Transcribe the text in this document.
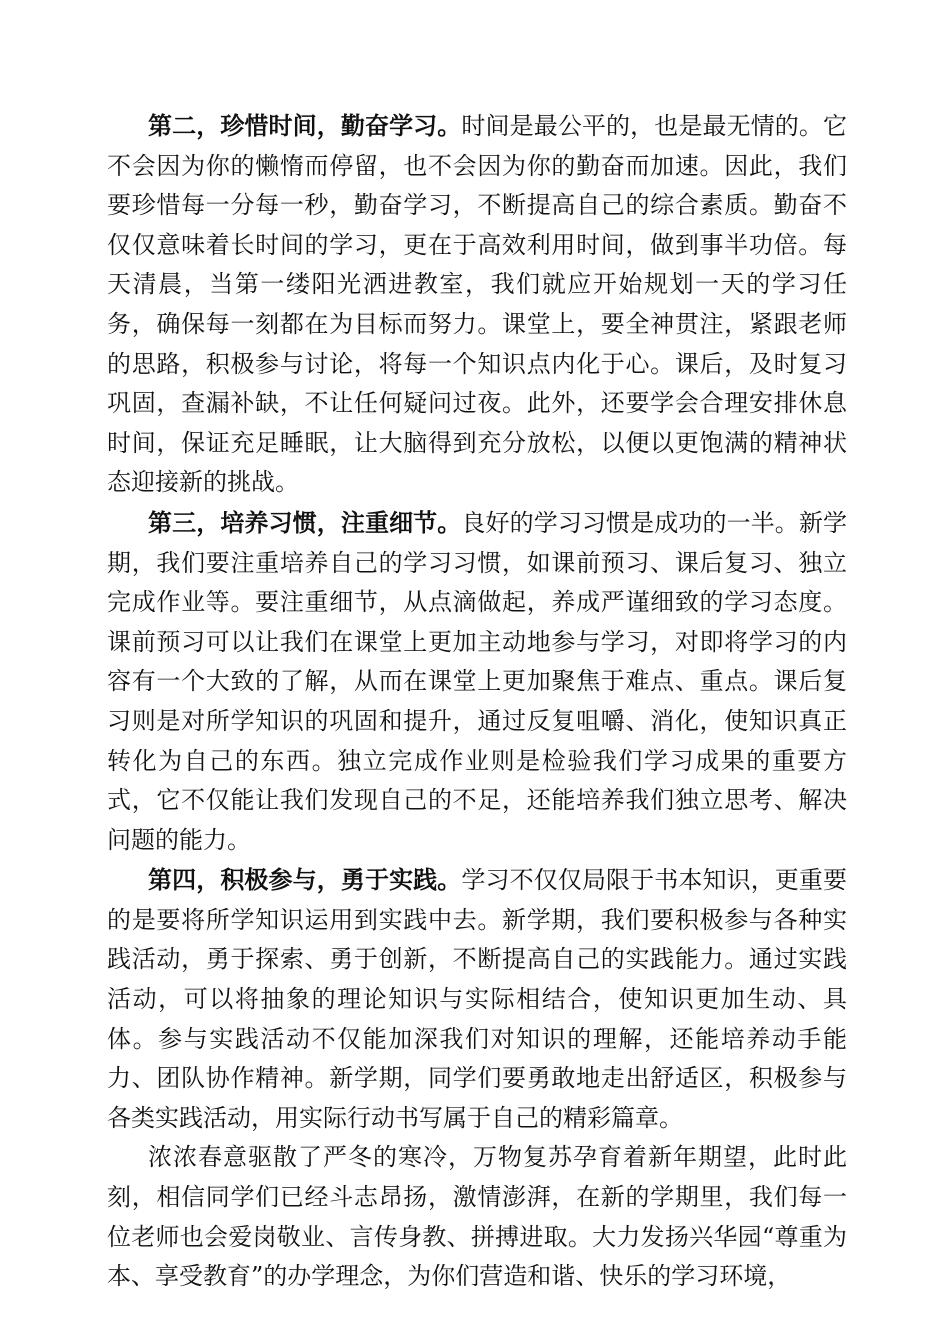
第二，珍惜时间，勤奋学习。时间是最公平的，也是最无情的。它不会因为你的懒惰而停留，也不会因为你的勤奋而加速。因此，我们要珍惜每一分每一秒，勤奋学习，不断提高自己的综合素质。勤奋不仅仅意味着长时间的学习，更在于高效利用时间，做到事半功倍。每天清晨，当第一缕阳光洒进教室，我们就应开始规划一天的学习任务，确保每一刻都在为目标而努力。课堂上，要全神贯注，紧跟老师的思路，积极参与讨论，将每一个知识点内化于心。课后，及时复习巩固，查漏补缺，不让任何疑问过夜。此外，还要学会合理安排休息时间，保证充足睡眠，让大脑得到充分放松，以便以更饱满的精神状态迎接新的挑战。

第三，培养习惯，注重细节。良好的学习习惯是成功的一半。新学期，我们要注重培养自己的学习习惯，如课前预习、课后复习、独立完成作业等。要注重细节，从点滴做起，养成严谨细致的学习态度。课前预习可以让我们在课堂上更加主动地参与学习，对即将学习的内容有一个大致的了解，从而在课堂上更加聚焦于难点、重点。课后复习则是对所学知识的巩固和提升，通过反复咀嚼、消化，使知识真正转化为自己的东西。独立完成作业则是检验我们学习成果的重要方式，它不仅能让我们发现自己的不足，还能培养我们独立思考、解决问题的能力。

第四，积极参与，勇于实践。学习不仅仅局限于书本知识，更重要的是要将所学知识运用到实践中去。新学期，我们要积极参与各种实践活动，勇于探索、勇于创新，不断提高自己的实践能力。通过实践活动，可以将抽象的理论知识与实际相结合，使知识更加生动、具体。参与实践活动不仅能加深我们对知识的理解，还能培养动手能力、团队协作精神。新学期，同学们要勇敢地走出舒适区，积极参与各类实践活动，用实际行动书写属于自己的精彩篇章。

浓浓春意驱散了严冬的寒冷，万物复苏孕育着新年期望，此时此刻，相信同学们已经斗志昂扬，激情澎湃，在新的学期里，我们每一位老师也会爱岗敬业、言传身教、拼搏进取。大力发扬兴华园“尊重为本、享受教育”的办学理念，为你们营造和谐、快乐的学习环境，
